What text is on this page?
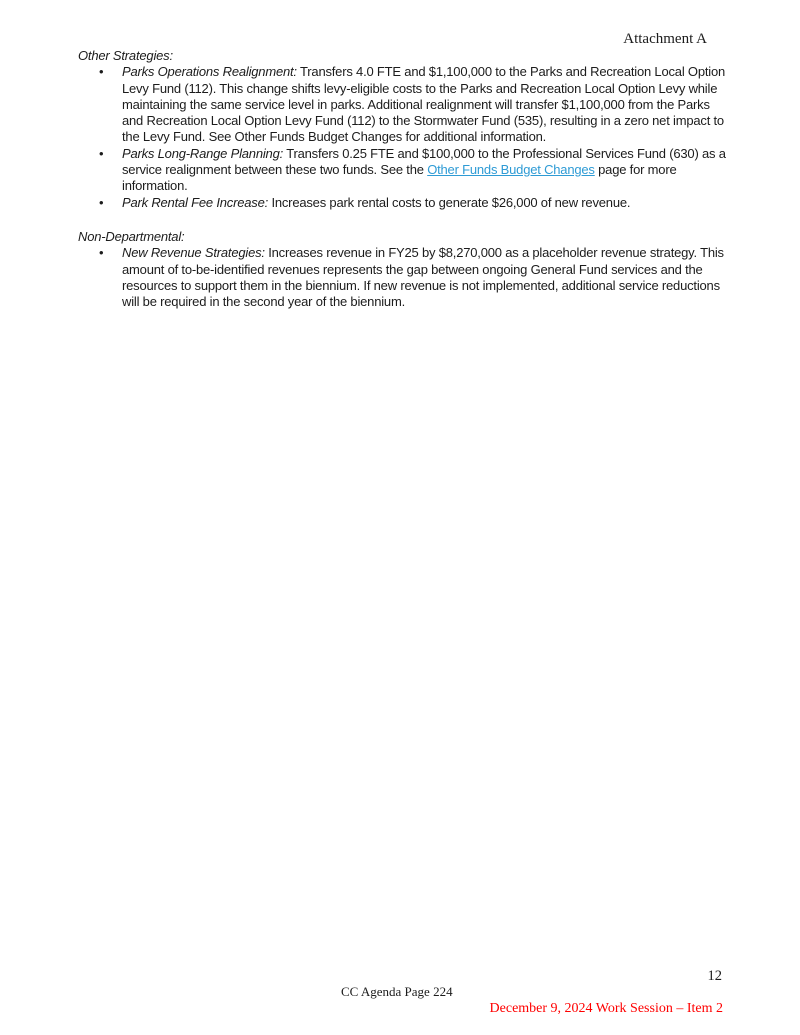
Attachment A
Other Strategies:
• Parks Operations Realignment: Transfers 4.0 FTE and $1,100,000 to the Parks and Recreation Local Option Levy Fund (112). This change shifts levy-eligible costs to the Parks and Recreation Local Option Levy while maintaining the same service level in parks. Additional realignment will transfer $1,100,000 from the Parks and Recreation Local Option Levy Fund (112) to the Stormwater Fund (535), resulting in a zero net impact to the Levy Fund. See Other Funds Budget Changes for additional information.
• Parks Long-Range Planning: Transfers 0.25 FTE and $100,000 to the Professional Services Fund (630) as a service realignment between these two funds. See the Other Funds Budget Changes page for more information.
• Park Rental Fee Increase: Increases park rental costs to generate $26,000 of new revenue.
Non-Departmental:
• New Revenue Strategies: Increases revenue in FY25 by $8,270,000 as a placeholder revenue strategy. This amount of to-be-identified revenues represents the gap between ongoing General Fund services and the resources to support them in the biennium. If new revenue is not implemented, additional service reductions will be required in the second year of the biennium.
12
CC Agenda Page 224
December 9, 2024 Work Session – Item 2
